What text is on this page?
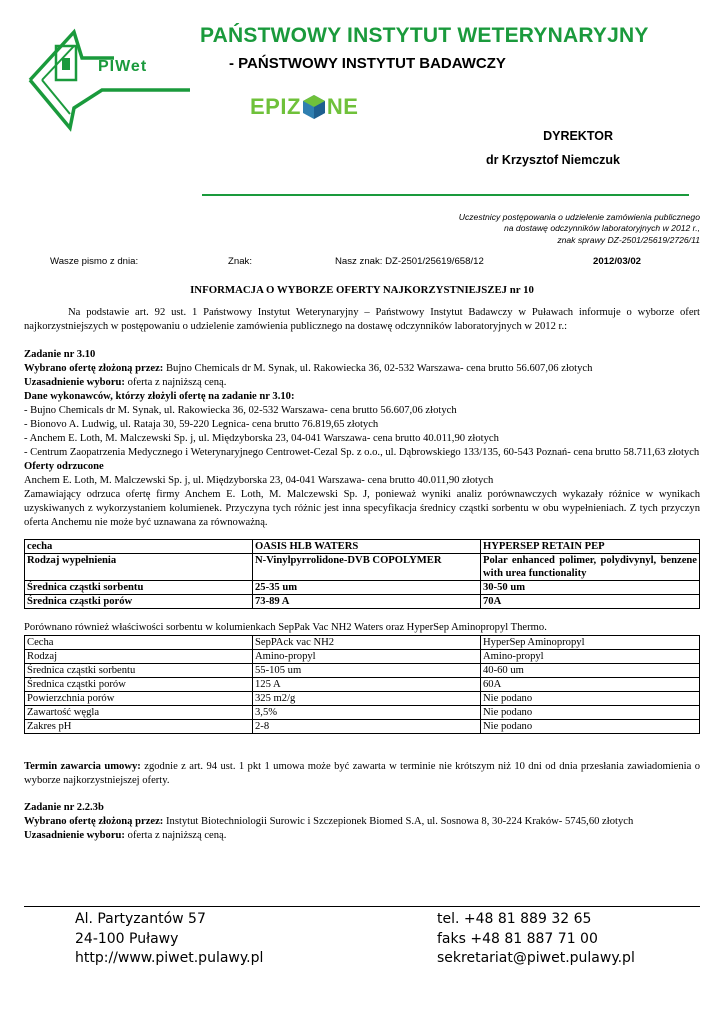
PIWet
PAŃSTWOWY INSTYTUT WETERYNARYJNY
- PAŃSTWOWY INSTYTUT BADAWCZY
EPIZ NE
DYREKTOR
dr Krzysztof Niemczuk
Uczestnicy postępowania o udzielenie zamówienia publicznego
na dostawę odczynników laboratoryjnych w 2012 r.,
znak sprawy DZ-2501/25619/2726/11
Wasze pismo z dnia:	Znak:	Nasz znak: DZ-2501/25619/658/12	2012/03/02
INFORMACJA O WYBORZE OFERTY NAJKORZYSTNIEJSZEJ nr 10

Na podstawie art. 92 ust. 1 Państwowy Instytut Weterynaryjny – Państwowy Instytut Badawczy w Puławach informuje o wyborze ofert najkorzystniejszych w postępowaniu o udzielenie zamówienia publicznego na dostawę odczynników laboratoryjnych w 2012 r.:

Zadanie nr 3.10

Wybrano ofertę złożoną przez: Bujno Chemicals dr M. Synak, ul. Rakowiecka 36, 02-532 Warszawa- cena brutto 56.607,06 złotych

Uzasadnienie wyboru: oferta z najniższą ceną.

Dane wykonawców, którzy złożyli ofertę na zadanie nr 3.10:

- Bujno Chemicals dr M. Synak, ul. Rakowiecka 36, 02-532 Warszawa- cena brutto 56.607,06 złotych

- Bionovo A. Ludwig, ul. Rataja 30, 59-220 Legnica- cena brutto 76.819,65 złotych

- Anchem E. Loth, M. Malczewski Sp. j, ul. Międzyborska 23, 04-041 Warszawa- cena brutto 40.011,90 złotych

- Centrum Zaopatrzenia Medycznego i Weterynaryjnego Centrowet-Cezal Sp. z o.o., ul. Dąbrowskiego 133/135, 60-543 Poznań- cena brutto 58.711,63 złotych

Oferty odrzucone

Anchem E. Loth, M. Malczewski Sp. j, ul. Międzyborska 23, 04-041 Warszawa- cena brutto 40.011,90 złotych

Zamawiający odrzuca ofertę firmy Anchem E. Loth, M. Malczewski Sp. J, ponieważ wyniki analiz porównawczych wykazały różnice w wynikach uzyskiwanych z wykorzystaniem kolumienek. Przyczyna tych różnic jest inna specyfikacja średnicy cząstki sorbentu w obu wypełnieniach. Z tych przyczyn oferta Anchemu nie może być uznawana za równoważną.

cecha	OASIS HLB WATERS	HYPERSEP RETAIN PEP
Rodzaj wypełnienia	N-Vinylpyrrolidone-DVB COPOLYMER	Polar enhanced polimer, polydivynyl, benzene with urea functionality
Średnica cząstki sorbentu	25-35 um	30-50 um
Średnica cząstki porów	73-89 A	70A

Porównano również właściwości sorbentu w kolumienkach SepPak Vac NH2 Waters oraz HyperSep Aminopropyl Thermo.

Cecha	SepPAck vac NH2	HyperSep Aminopropyl
Rodzaj	Amino-propyl	Amino-propyl
Średnica cząstki sorbentu	55-105 um	40-60 um
Średnica cząstki porów	125 A	60A
Powierzchnia porów	325 m2/g	Nie podano
Zawartość węgla	3,5%	Nie podano
Zakres pH	2-8	Nie podano

Termin zawarcia umowy: zgodnie z art. 94 ust. 1 pkt 1 umowa może być zawarta w terminie nie krótszym niż 10 dni od dnia przesłania zawiadomienia o wyborze najkorzystniejszej oferty.

Zadanie nr 2.2.3b

Wybrano ofertę złożoną przez: Instytut Biotechniologii Surowic i Szczepionek Biomed S.A, ul. Sosnowa 8, 30-224 Kraków- 5745,60 złotych

Uzasadnienie wyboru: oferta z najniższą ceną.

Al. Partyzantów 57
24-100 Puławy
http://www.piwet.pulawy.pl
tel. +48 81 889 32 65
faks +48 81 887 71 00
sekretariat@piwet.pulawy.pl
